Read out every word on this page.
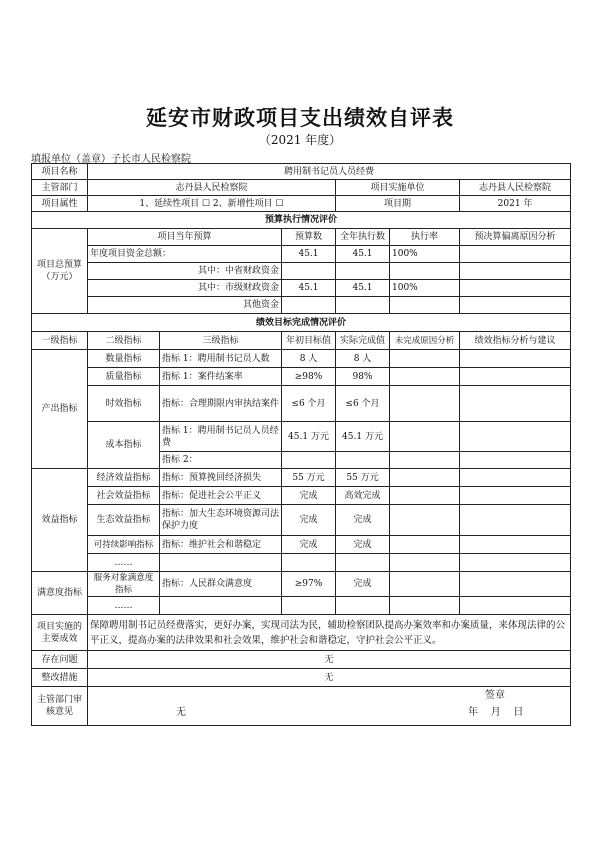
延安市财政项目支出绩效自评表
（2021 年度）
填报单位（盖章）子长市人民检察院
项目名称	聘用制书记员人员经费					
主管部门	志丹县人民检察院			项目实施单位		志丹县人民检察院
项目属性	1、延续性项目 ☐ 2、新增性项目 ☐			项目期		2021 年
预算执行情况评价						
项目总预算（万元）	项目当年预算		预算数	全年执行数	执行率	预决算偏离原因分析
	年度项目资金总额：		45.1	45.1	100%	
	其中：中省财政资金					
	其中：市级财政资金		45.1	45.1	100%	
	其他资金					
绩效目标完成情况评价						
一级指标	二级指标	三级指标	年初目标值	实际完成值	未完成原因分析	绩效指标分析与建议
产出指标	数量指标	指标 1：聘用制书记员人数	8 人	8 人		
	质量指标	指标 1：案件结案率	≥98%	98%		
	时效指标	指标：合理期限内审执结案件	≤6 个月	≤6 个月		
	成本指标	指标 1：聘用制书记员人员经费	45.1 万元	45.1 万元		
		指标 2：				
效益指标	经济效益指标	指标：预算挽回经济损失	55 万元	55 万元		
	社会效益指标	指标：促进社会公平正义	完成	高效完成		
	生态效益指标	指标：加大生态环境资源司法保护力度	完成	完成		
	可持续影响指标	指标：维护社会和谐稳定	完成	完成		
	……					
满意度指标	服务对象满意度指标	指标：人民群众满意度	≥97%	完成		
	……					
项目实施的主要成效	保障聘用制书记员经费落实，更好办案，实现司法为民，辅助检察团队提高办案效率和办案质量，来体现法律的公平正义，提高办案的法律效果和社会效果，维护社会和谐稳定，守护社会公平正义。					
存在问题	无					
整改措施	无					
主管部门审核意见	无
签章
年    月    日					
